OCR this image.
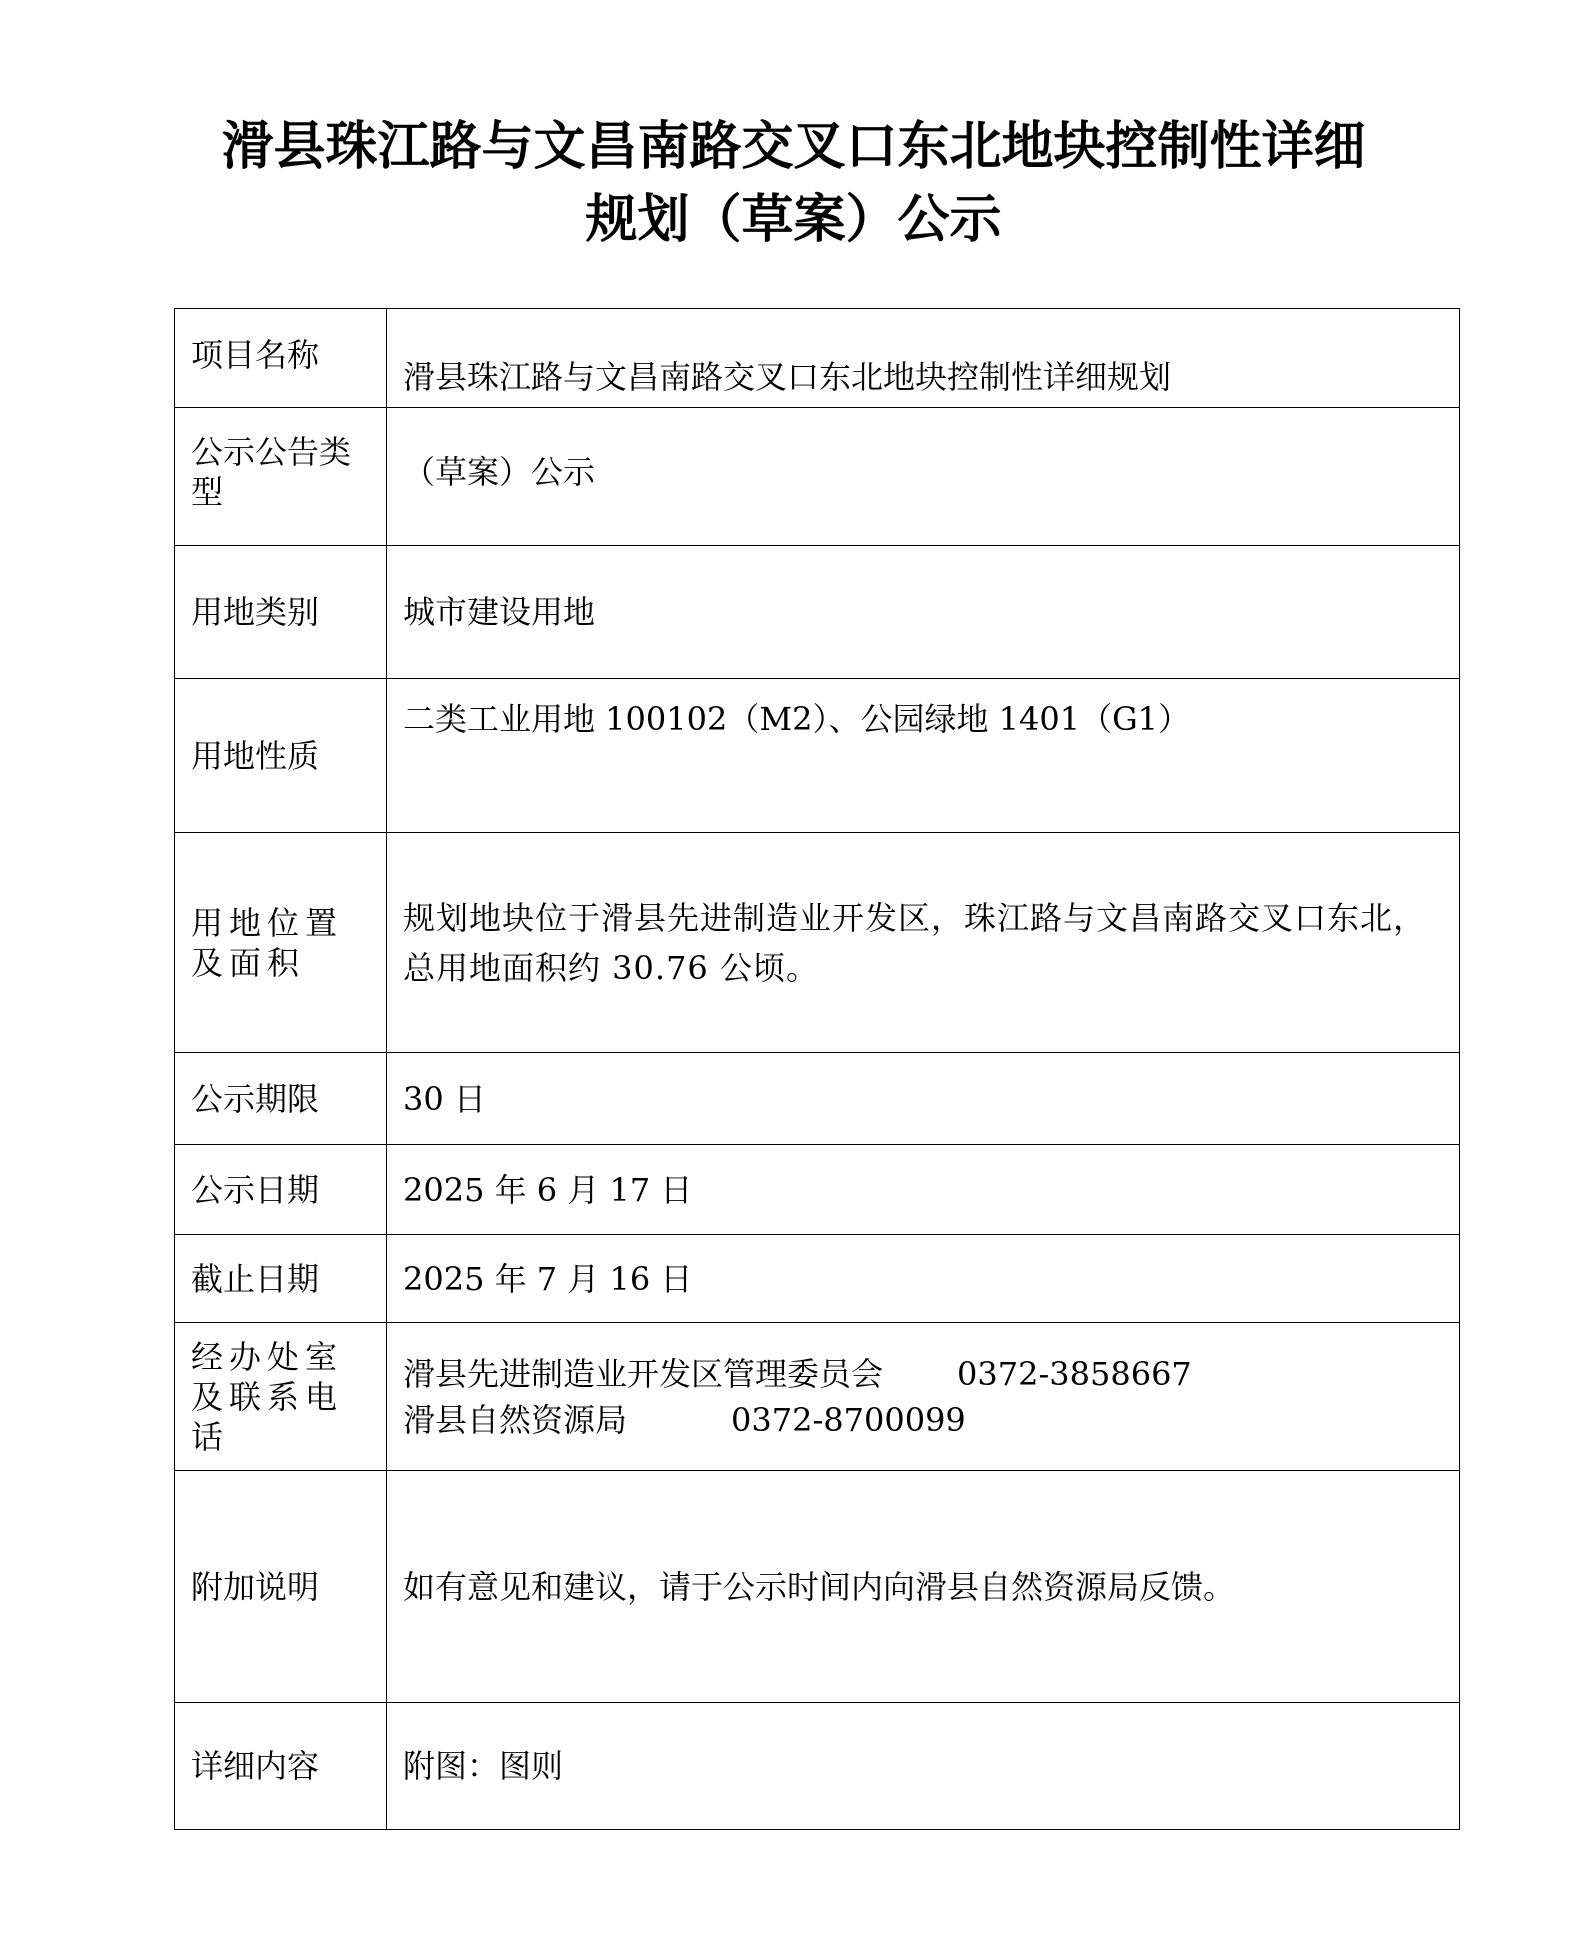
滑县珠江路与文昌南路交叉口东北地块控制性详细
规划（草案）公示
项目名称	滑县珠江路与文昌南路交叉口东北地块控制性详细规划
公示公告类型	（草案）公示
用地类别	城市建设用地
用地性质	二类工业用地 100102（M2）、公园绿地 1401（G1）
用地位置及面积	规划地块位于滑县先进制造业开发区，珠江路与文昌南路交叉口东北，总用地面积约 30.76 公顷。
公示期限	30 日
公示日期	2025 年 6 月 17 日
截止日期	2025 年 7 月 16 日
经办处室及联系电话	滑县先进制造业开发区管理委员会 0372-3858667
滑县自然资源局 0372-8700099

附加说明	如有意见和建议，请于公示时间内向滑县自然资源局反馈。
详细内容	附图：图则
